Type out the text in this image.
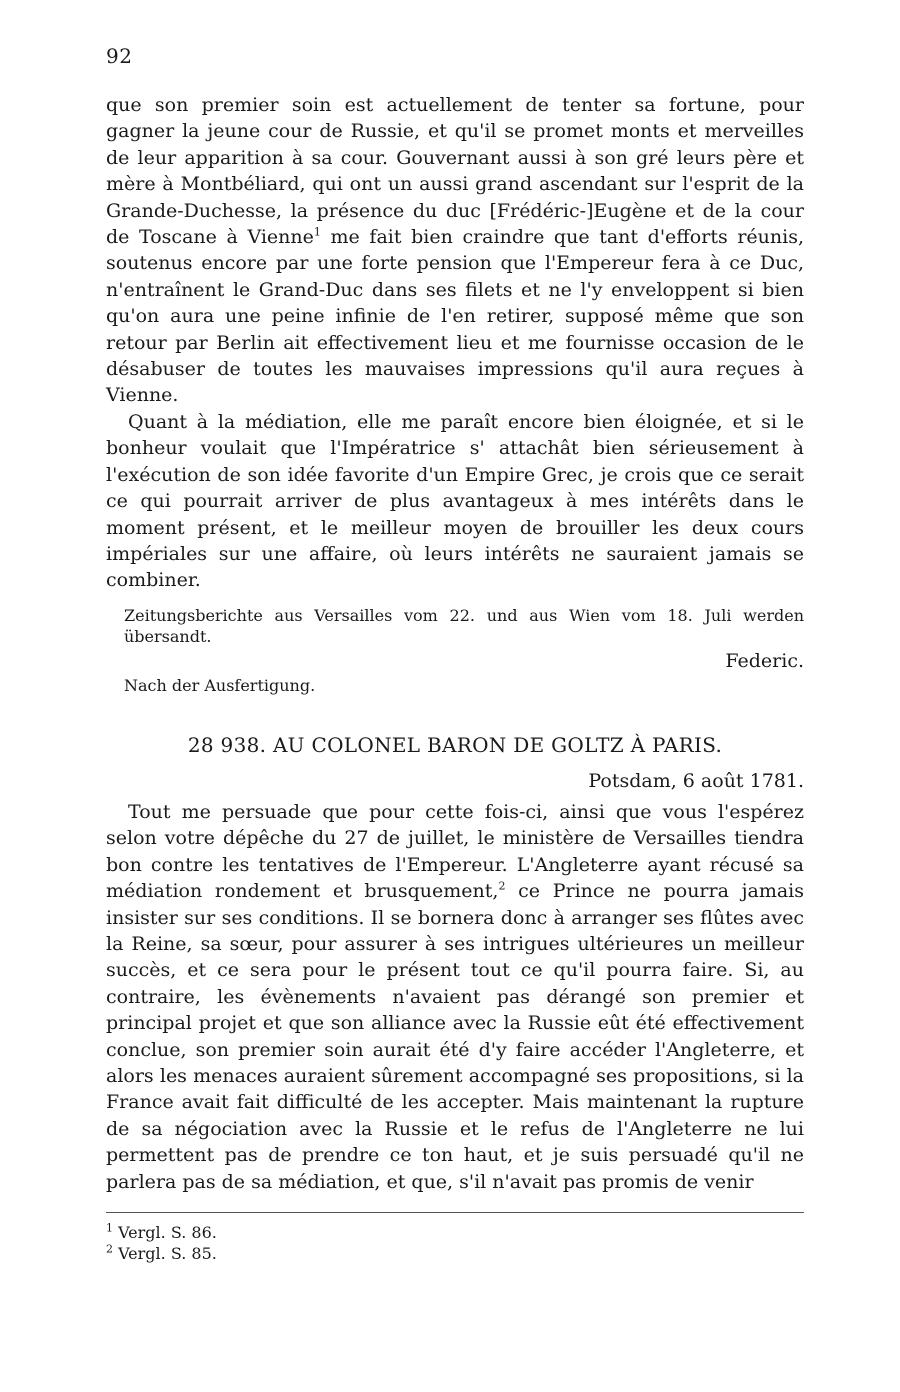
92

que son premier soin est actuellement de tenter sa fortune, pour gagner la jeune cour de Russie, et qu'il se promet monts et merveilles de leur apparition à sa cour. Gouvernant aussi à son gré leurs père et mère à Montbéliard, qui ont un aussi grand ascendant sur l'esprit de la Grande-Duchesse, la présence du duc [Frédéric-]Eugène et de la cour de Toscane à Vienne$^1$ me fait bien craindre que tant d'efforts réunis, soutenus encore par une forte pension que l'Empereur fera à ce Duc, n'entraînent le Grand-Duc dans ses filets et ne l'y enveloppent si bien qu'on aura une peine infinie de l'en retirer, supposé même que son retour par Berlin ait effectivement lieu et me fournisse occasion de le désabuser de toutes les mauvaises impressions qu'il aura reçues à Vienne.

Quant à la médiation, elle me paraît encore bien éloignée, et si le bonheur voulait que l'Impératrice s' attachât bien sérieusement à l'exécution de son idée favorite d'un Empire Grec, je crois que ce serait ce qui pourrait arriver de plus avantageux à mes intérêts dans le moment présent, et le meilleur moyen de brouiller les deux cours impériales sur une affaire, où leurs intérêts ne sauraient jamais se combiner.

Zeitungsberichte aus Versailles vom 22. und aus Wien vom 18. Juli werden übersandt.
Federic.
Nach der Ausfertigung.
28 938. AU COLONEL BARON DE GOLTZ À PARIS.
Potsdam, 6 août 1781.

Tout me persuade que pour cette fois-ci, ainsi que vous l'espérez selon votre dépêche du 27 de juillet, le ministère de Versailles tiendra bon contre les tentatives de l'Empereur. L'Angleterre ayant récusé sa médiation rondement et brusquement,$^2$ ce Prince ne pourra jamais insister sur ses conditions. Il se bornera donc à arranger ses flûtes avec la Reine, sa sœur, pour assurer à ses intrigues ultérieures un meilleur succès, et ce sera pour le présent tout ce qu'il pourra faire. Si, au contraire, les évènements n'avaient pas dérangé son premier et principal projet et que son alliance avec la Russie eût été effectivement conclue, son premier soin aurait été d'y faire accéder l'Angleterre, et alors les menaces auraient sûrement accompagné ses propositions, si la France avait fait difficulté de les accepter. Mais maintenant la rupture de sa négociation avec la Russie et le refus de l'Angleterre ne lui permettent pas de prendre ce ton haut, et je suis persuadé qu'il ne parlera pas de sa médiation, et que, s'il n'avait pas promis de venir

$^1$ Vergl. S. 86.
$^2$ Vergl. S. 85.
